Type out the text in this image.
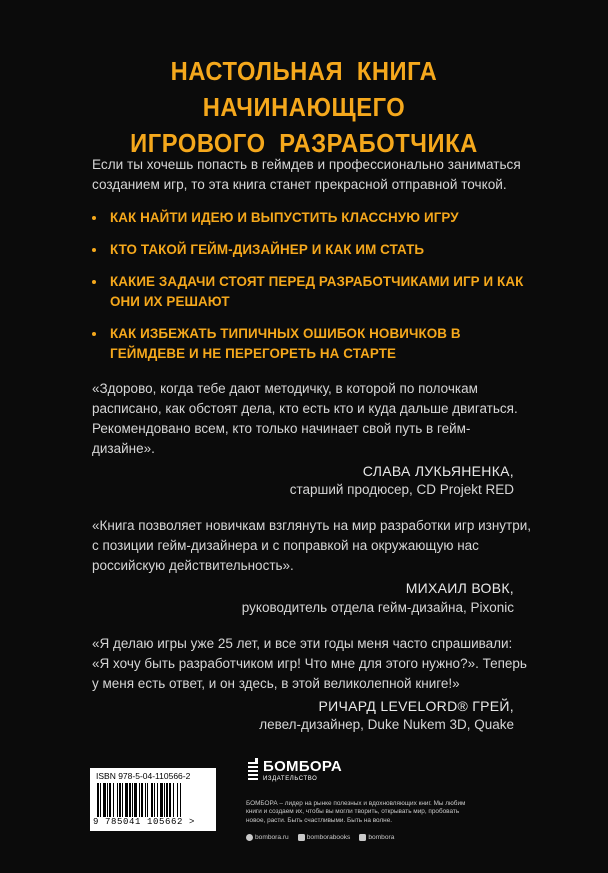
НАСТОЛЬНАЯ КНИГА НАЧИНАЮЩЕГО
ИГРОВОГО РАЗРАБОТЧИКА
Если ты хочешь попасть в геймдев и профессионально заниматься созданием игр, то эта книга станет прекрасной отправной точкой.
КАК НАЙТИ ИДЕЮ И ВЫПУСТИТЬ КЛАССНУЮ ИГРУ
КТО ТАКОЙ ГЕЙМ-ДИЗАЙНЕР И КАК ИМ СТАТЬ
КАКИЕ ЗАДАЧИ СТОЯТ ПЕРЕД РАЗРАБОТЧИКАМИ ИГР И КАК ОНИ ИХ РЕШАЮТ
КАК ИЗБЕЖАТЬ ТИПИЧНЫХ ОШИБОК НОВИЧКОВ В ГЕЙМДЕВЕ И НЕ ПЕРЕГОРЕТЬ НА СТАРТЕ
«Здорово, когда тебе дают методичку, в которой по полочкам расписано, как обстоят дела, кто есть кто и куда дальше двигаться. Рекомендовано всем, кто только начинает свой путь в гейм-дизайне».
СЛАВА ЛУКЬЯНЕНКА,
старший продюсер, CD Projekt RED
«Книга позволяет новичкам взглянуть на мир разработки игр изнутри, с позиции гейм-дизайнера и с поправкой на окружающую нас российскую действительность».
МИХАИЛ ВОВК,
руководитель отдела гейм-дизайна, Pixonic
«Я делаю игры уже 25 лет, и все эти годы меня часто спрашивали: «Я хочу быть разработчиком игр! Что мне для этого нужно?». Теперь у меня есть ответ, и он здесь, в этой великолепной книге!»
РИЧАРД LEVELORD® ГРЕЙ,
левел-дизайнер, Duke Nukem 3D, Quake
ISBN 978-5-04-110566-2
9 785041 105662 >
БОМБОРА
ИЗДАТЕЛЬСТВО
БОМБОРА – лидер на рынке полезных и вдохновляющих книг. Мы любим книги и создаем их, чтобы вы могли творить, открывать мир, пробовать новое, расти. Быть счастливыми. Быть на волне.
bombora.ru	bomborabooks	bombora
